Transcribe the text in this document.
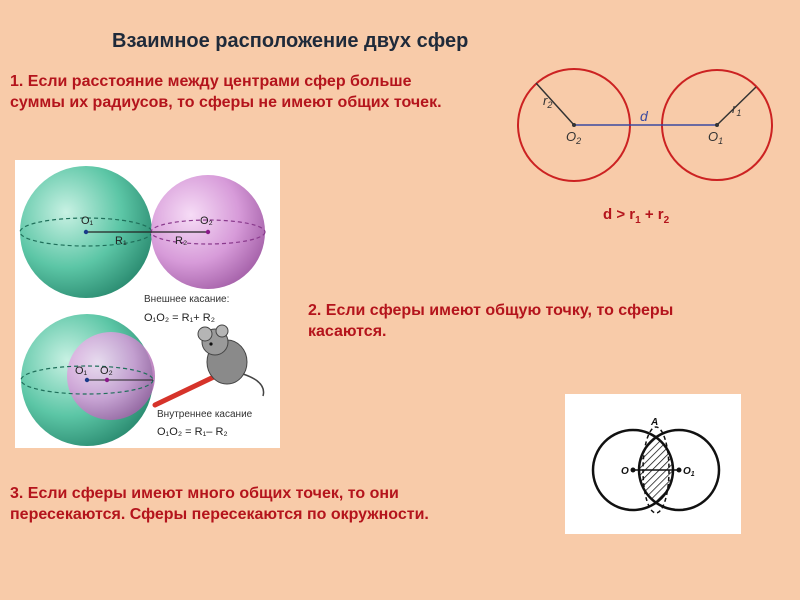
Взаимное расположение двух сфер
1. Если расстояние между центрами сфер больше суммы их радиусов, то сферы не имеют общих точек.	$r_2$	$r_1$
d
$O_2$	$O_1$
$d > r_1 + r_2$
O₁	O₂
R₁	R₂
Внешнее касание:
O₁O₂ = R₁+ R₂
O₁ O₂
Внутреннее касание
O₁O₂ = R₁– R₂
2. Если сферы имеют общую точку, то сферы касаются.
A
O	$O_1$
3. Если сферы имеют много общих точек, то они пересекаются. Сферы пересекаются по окружности.
